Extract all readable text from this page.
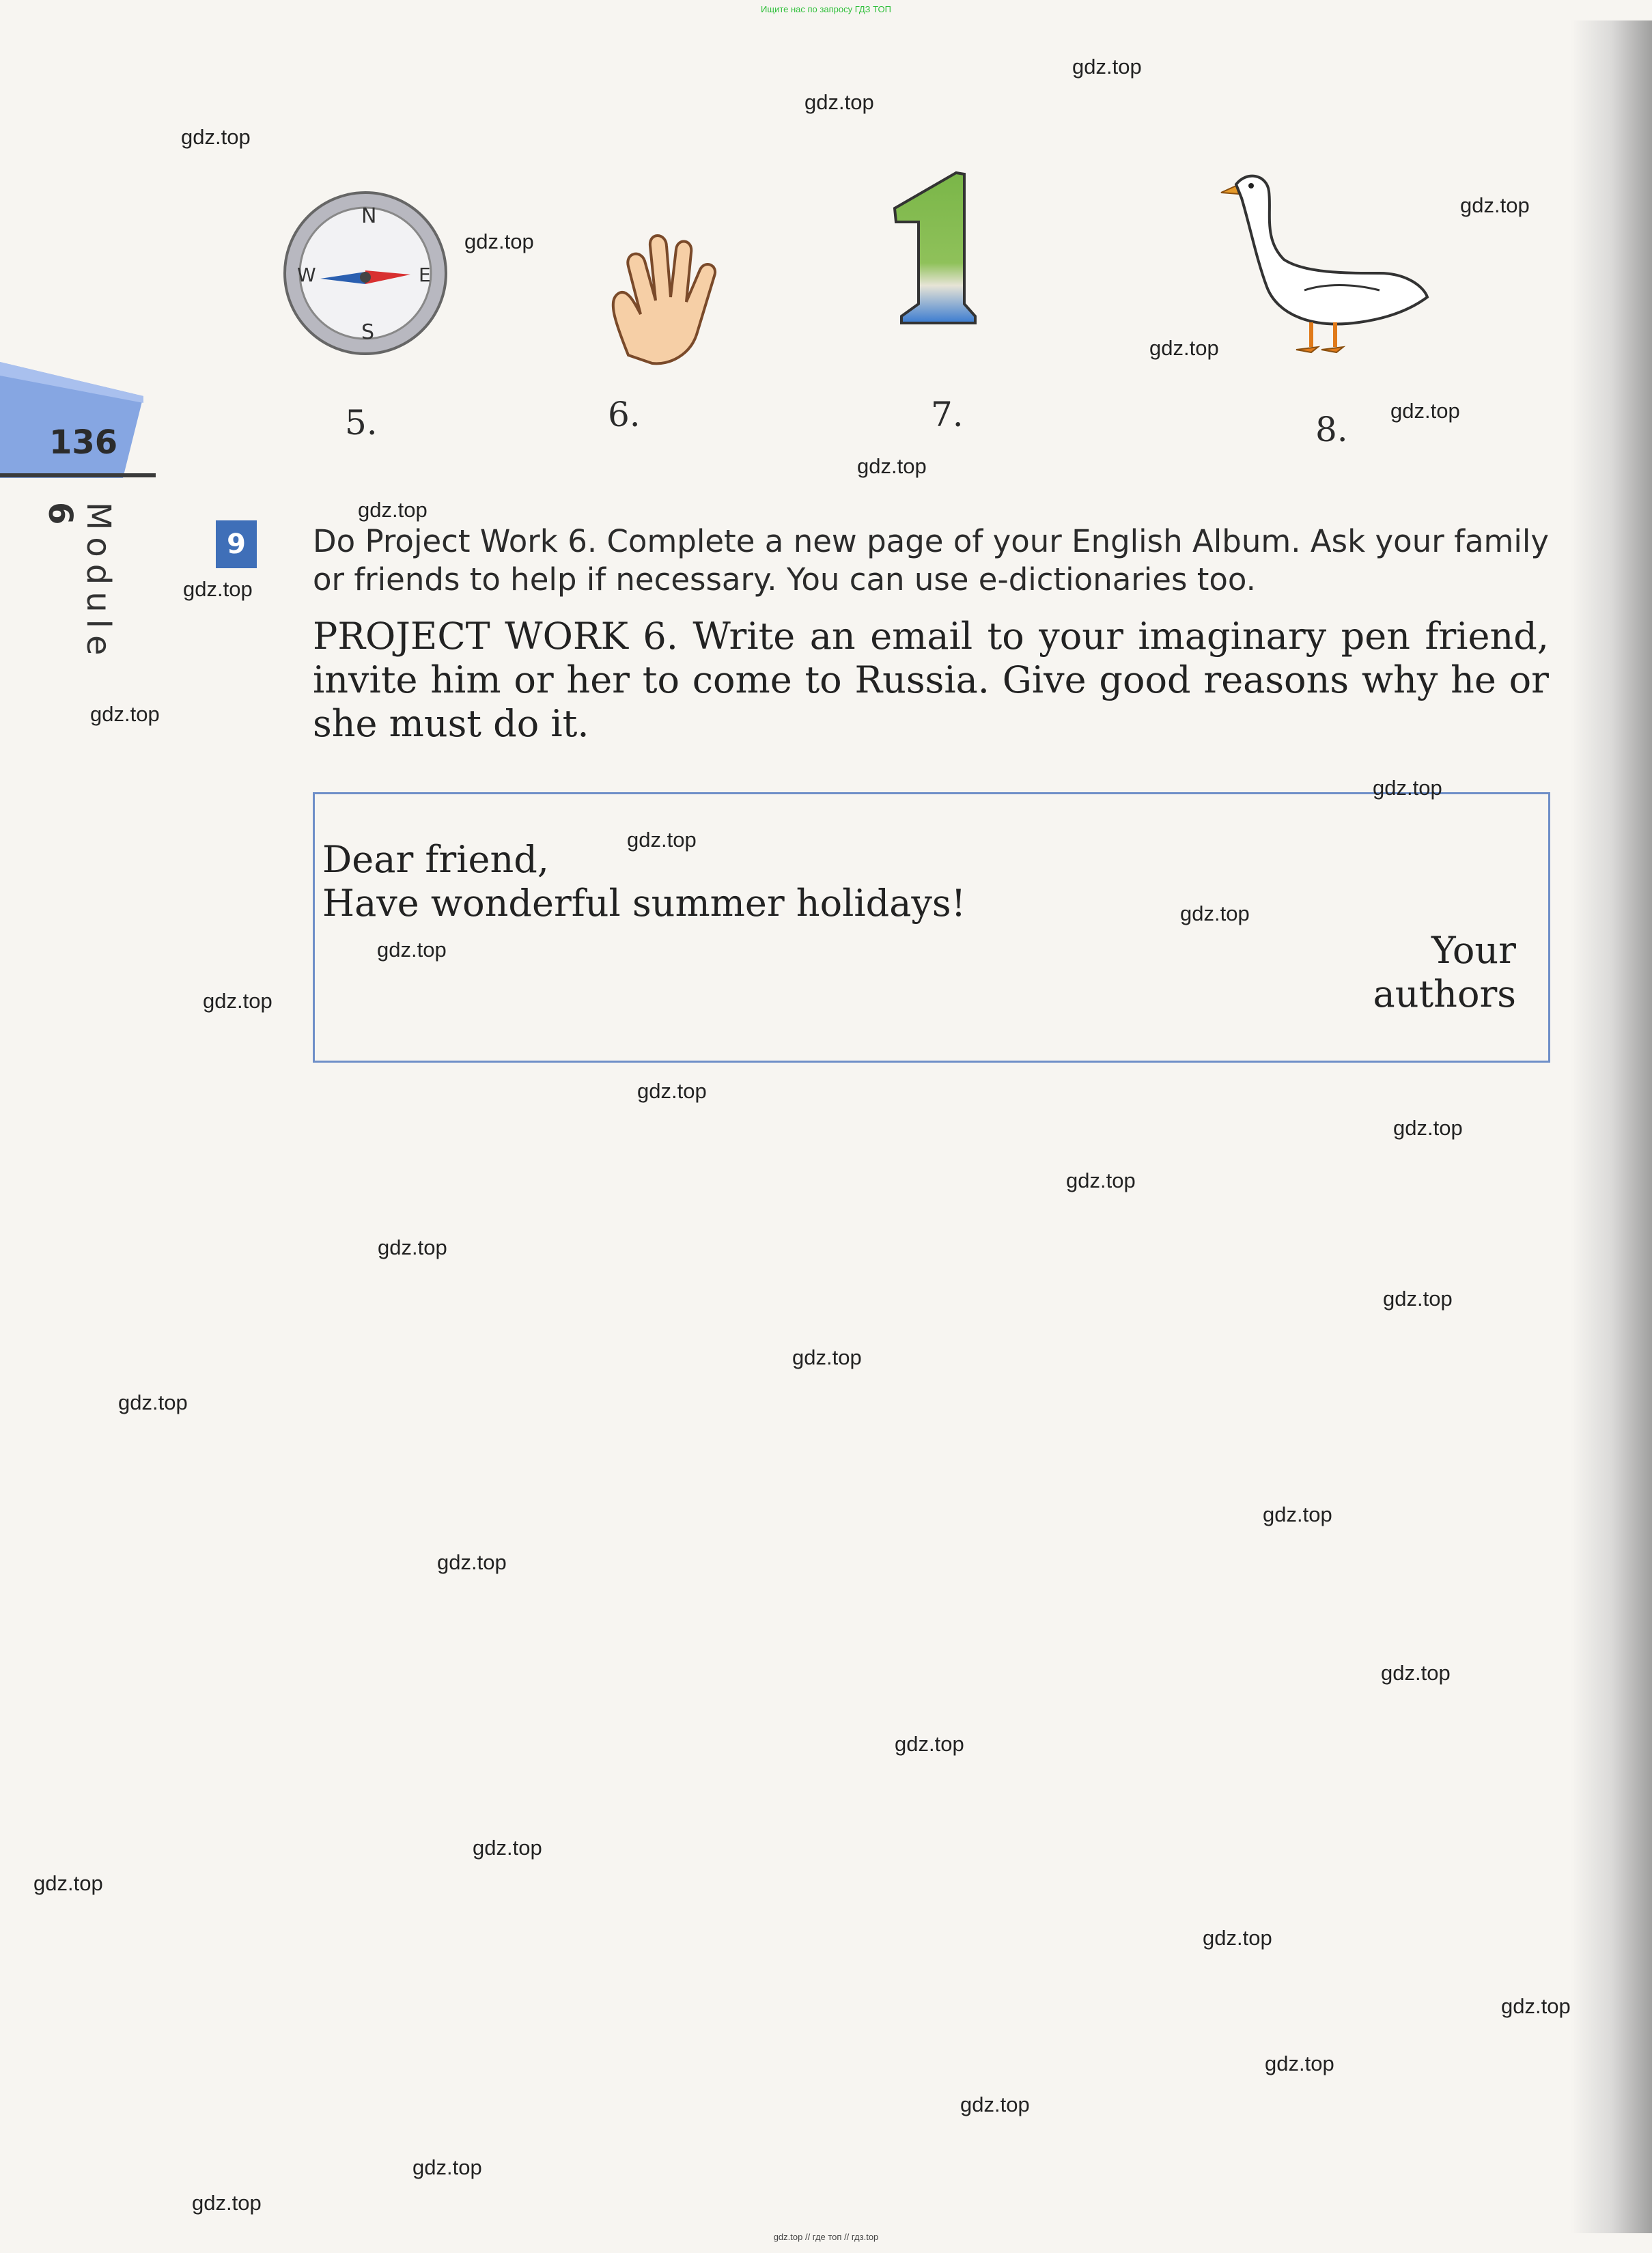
Ищите нас по запросу ГДЗ ТОП
136
Module
6
N
S
W	E
5.	6.	7.	8.
9	Do Project Work 6. Complete a new page of your English Album. Ask your family or friends to help if necessary. You can use e-dictionaries too.
PROJECT WORK 6. Write an email to your imaginary pen friend, invite him or her to come to Russia. Give good reasons why he or she must do it.
Dear friend,
Have wonderful summer holidays!
Your
authors
gdz.top
gdz.top
gdz.top
gdz.top
gdz.top
gdz.top
gdz.top
gdz.top
gdz.top
gdz.top
gdz.top
gdz.top
gdz.top
gdz.top
gdz.top
gdz.top
gdz.top
gdz.top
gdz.top
gdz.top
gdz.top
gdz.top
gdz.top
gdz.top
gdz.top
gdz.top
gdz.top
gdz.top
gdz.top
gdz.top
gdz.top
gdz.top
gdz.top
gdz.top
gdz.top
gdz.top // где топ // гдз.top
